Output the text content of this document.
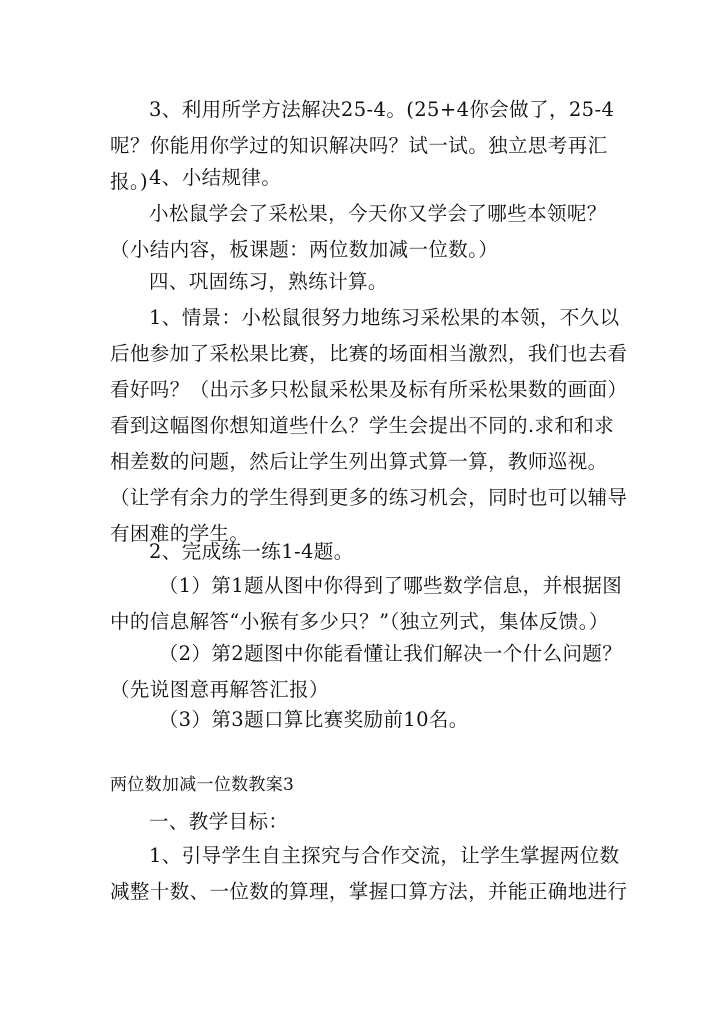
3、利用所学方法解决25-4。(25+4你会做了，25-4呢？你能用你学过的知识解决吗？试一试。独立思考再汇报。) 4、小结规律。

小松鼠学会了采松果，今天你又学会了哪些本领呢？（小结内容，板课题：两位数加减一位数。）

四、巩固练习，熟练计算。

1、情景：小松鼠很努力地练习采松果的本领，不久以后他参加了采松果比赛，比赛的场面相当激烈，我们也去看看好吗？（出示多只松鼠采松果及标有所采松果数的画面）看到这幅图你想知道些什么？学生会提出不同的.求和和求相差数的问题，然后让学生列出算式算一算，教师巡视。（让学有余力的学生得到更多的练习机会，同时也可以辅导有困难的学生。

2、完成练一练1-4题。

（1）第1题从图中你得到了哪些数学信息，并根据图中的信息解答“小猴有多少只？”（独立列式，集体反馈。）

（2）第2题图中你能看懂让我们解决一个什么问题？（先说图意再解答汇报）

（3）第3题口算比赛奖励前10名。

两位数加减一位数教案3

一、教学目标：

1、引导学生自主探究与合作交流，让学生掌握两位数减整十数、一位数的算理，掌握口算方法，并能正确地进行
